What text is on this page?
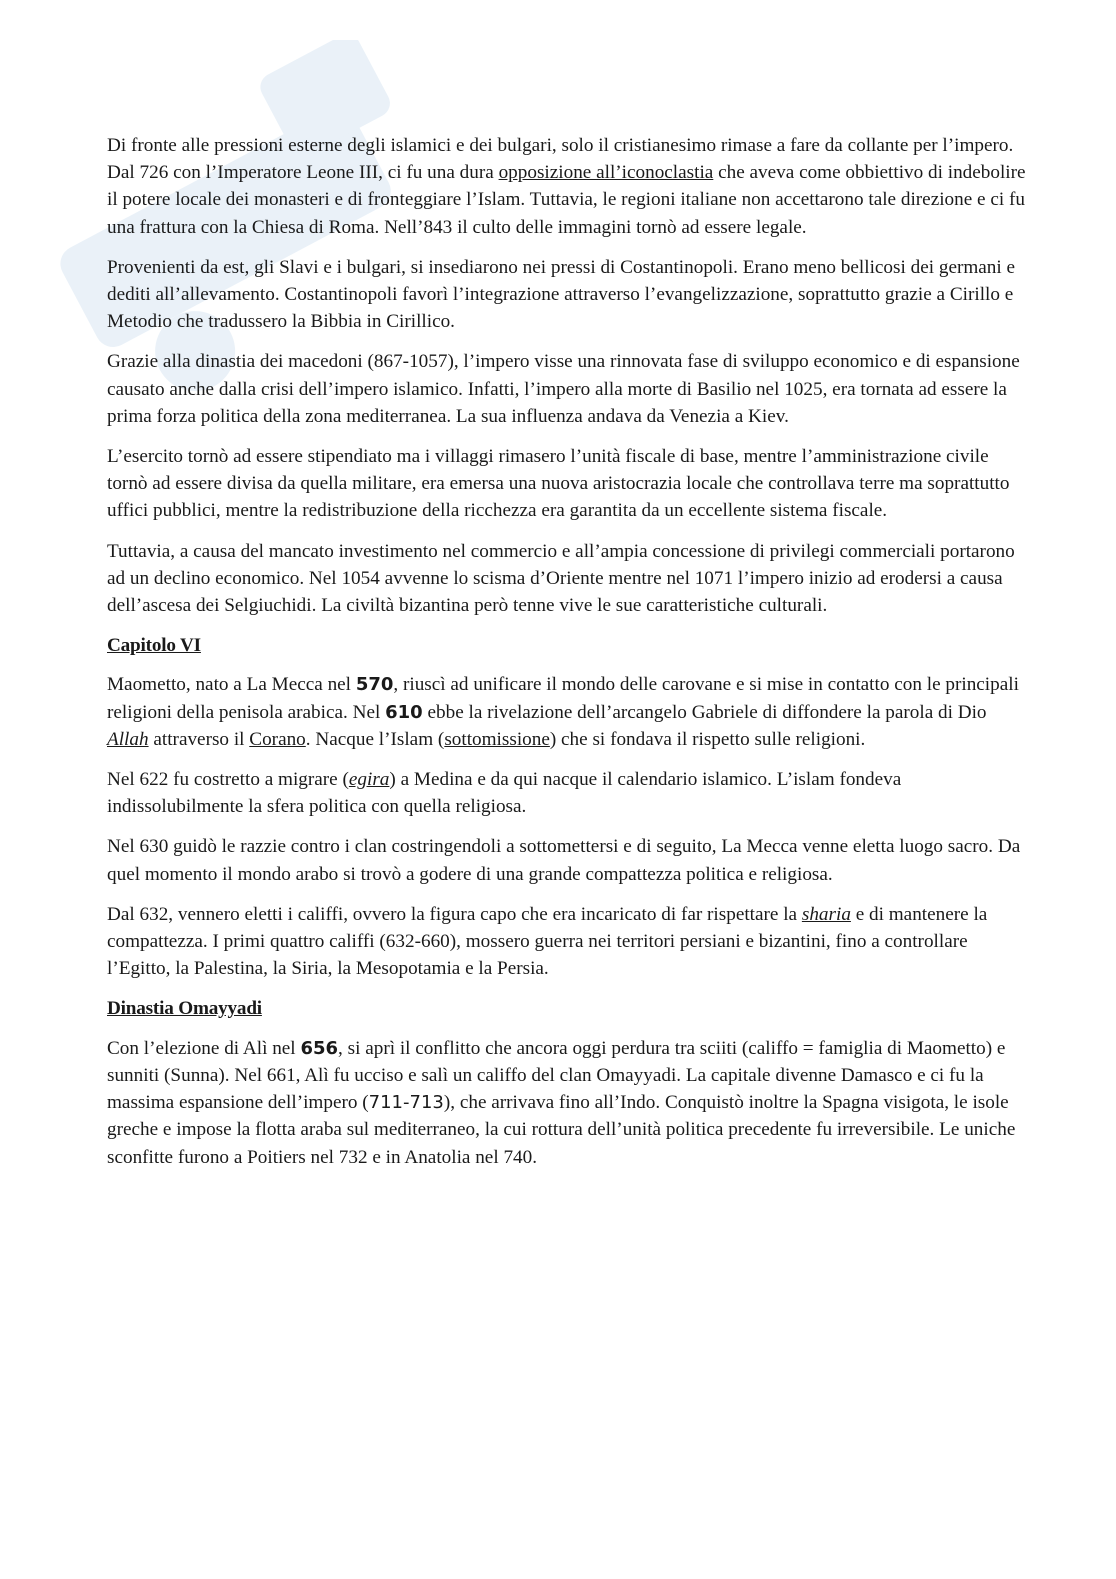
Di fronte alle pressioni esterne degli islamici e dei bulgari, solo il cristianesimo rimase a fare da collante per l’impero. Dal 726 con l’Imperatore Leone III, ci fu una dura opposizione all’iconoclastia che aveva come obbiettivo di indebolire il potere locale dei monasteri e di fronteggiare l’Islam. Tuttavia, le regioni italiane non accettarono tale direzione e ci fu una frattura con la Chiesa di Roma. Nell’843 il culto delle immagini tornò ad essere legale.

Provenienti da est, gli Slavi e i bulgari, si insediarono nei pressi di Costantinopoli. Erano meno bellicosi dei germani e dediti all’allevamento. Costantinopoli favorì l’integrazione attraverso l’evangelizzazione, soprattutto grazie a Cirillo e Metodio che tradussero la Bibbia in Cirillico.

Grazie alla dinastia dei macedoni (867-1057), l’impero visse una rinnovata fase di sviluppo economico e di espansione causato anche dalla crisi dell’impero islamico. Infatti, l’impero alla morte di Basilio nel 1025, era tornata ad essere la prima forza politica della zona mediterranea. La sua influenza andava da Venezia a Kiev.

L’esercito tornò ad essere stipendiato ma i villaggi rimasero l’unità fiscale di base, mentre l’amministrazione civile tornò ad essere divisa da quella militare, era emersa una nuova aristocrazia locale che controllava terre ma soprattutto uffici pubblici, mentre la redistribuzione della ricchezza era garantita da un eccellente sistema fiscale.

Tuttavia, a causa del mancato investimento nel commercio e all’ampia concessione di privilegi commerciali portarono ad un declino economico. Nel 1054 avvenne lo scisma d’Oriente mentre nel 1071 l’impero inizio ad erodersi a causa dell’ascesa dei Selgiuchidi. La civiltà bizantina però tenne vive le sue caratteristiche culturali.

Capitolo VI

Maometto, nato a La Mecca nel 570, riuscì ad unificare il mondo delle carovane e si mise in contatto con le principali religioni della penisola arabica. Nel 610 ebbe la rivelazione dell’arcangelo Gabriele di diffondere la parola di Dio Allah attraverso il Corano. Nacque l’Islam (sottomissione) che si fondava il rispetto sulle religioni.

Nel 622 fu costretto a migrare (egira) a Medina e da qui nacque il calendario islamico. L’islam fondeva indissolubilmente la sfera politica con quella religiosa.

Nel 630 guidò le razzie contro i clan costringendoli a sottomettersi e di seguito, La Mecca venne eletta luogo sacro. Da quel momento il mondo arabo si trovò a godere di una grande compattezza politica e religiosa.

Dal 632, vennero eletti i califfi, ovvero la figura capo che era incaricato di far rispettare la sharia e di mantenere la compattezza. I primi quattro califfi (632-660), mossero guerra nei territori persiani e bizantini, fino a controllare l’Egitto, la Palestina, la Siria, la Mesopotamia e la Persia.

Dinastia Omayyadi

Con l’elezione di Alì nel 656, si aprì il conflitto che ancora oggi perdura tra sciiti (califfo = famiglia di Maometto) e sunniti (Sunna). Nel 661, Alì fu ucciso e salì un califfo del clan Omayyadi. La capitale divenne Damasco e ci fu la massima espansione dell’impero (711-713), che arrivava fino all’Indo. Conquistò inoltre la Spagna visigota, le isole greche e impose la flotta araba sul mediterraneo, la cui rottura dell’unità politica precedente fu irreversibile. Le uniche sconfitte furono a Poitiers nel 732 e in Anatolia nel 740.
